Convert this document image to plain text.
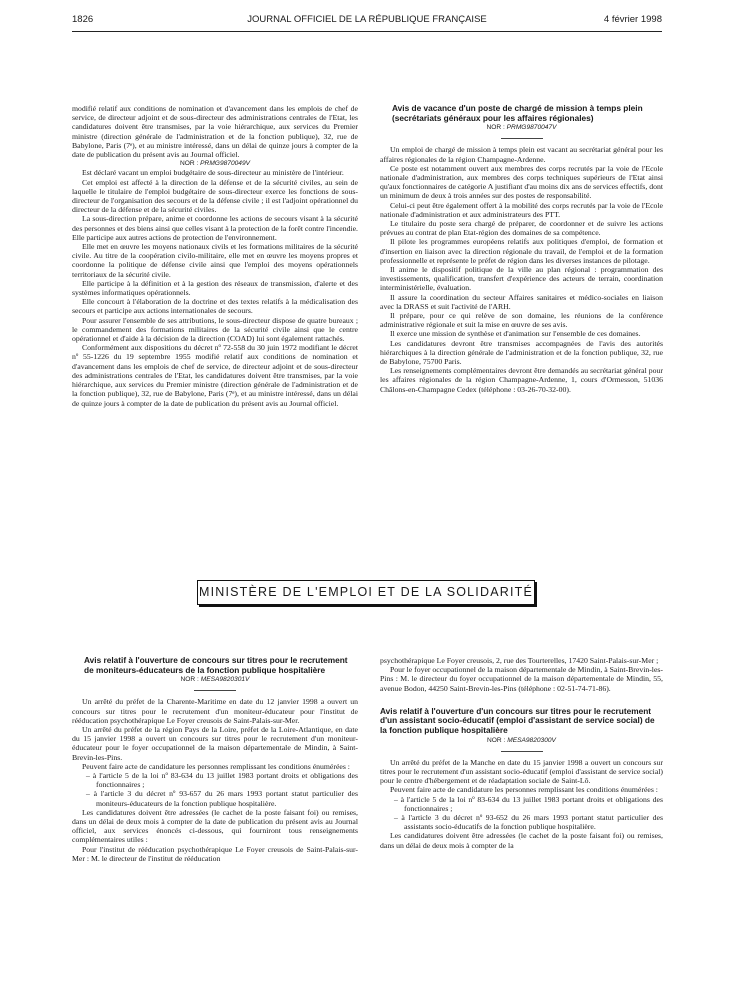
1826	JOURNAL OFFICIEL DE LA RÉPUBLIQUE FRANÇAISE	4 février 1998

modifié relatif aux conditions de nomination et d'avancement dans les emplois de chef de service, de directeur adjoint et de sous-directeur des administrations centrales de l'Etat, les candidatures doivent être transmises, par la voie hiérarchique, aux services du Premier ministre (direction générale de l'administration et de la fonction publique), 32, rue de Babylone, Paris (7ᵉ), et au ministre intéressé, dans un délai de quinze jours à compter de la date de publication du présent avis au Journal officiel.

NOR : PRMG9870049V

Est déclaré vacant un emploi budgétaire de sous-directeur au ministère de l'intérieur.

Cet emploi est affecté à la direction de la défense et de la sécurité civiles, au sein de laquelle le titulaire de l'emploi budgétaire de sous-directeur exerce les fonctions de sous-directeur de l'organisation des secours et de la défense civile ; il est l'adjoint opérationnel du directeur de la défense et de la sécurité civiles.

La sous-direction prépare, anime et coordonne les actions de secours visant à la sécurité des personnes et des biens ainsi que celles visant à la protection de la forêt contre l'incendie. Elle participe aux autres actions de protection de l'environnement.

Elle met en œuvre les moyens nationaux civils et les formations militaires de la sécurité civile. Au titre de la coopération civilo-militaire, elle met en œuvre les moyens propres et coordonne la politique de défense civile ainsi que l'emploi des moyens opérationnels territoriaux de la sécurité civile.

Elle participe à la définition et à la gestion des réseaux de transmission, d'alerte et des systèmes informatiques opérationnels.

Elle concourt à l'élaboration de la doctrine et des textes relatifs à la médicalisation des secours et participe aux actions internationales de secours.

Pour assurer l'ensemble de ses attributions, le sous-directeur dispose de quatre bureaux ; le commandement des formations militaires de la sécurité civile ainsi que le centre opérationnel et d'aide à la décision de la direction (COAD) lui sont également rattachés.

Conformément aux dispositions du décret nº 72-558 du 30 juin 1972 modifiant le décret nº 55-1226 du 19 septembre 1955 modifié relatif aux conditions de nomination et d'avancement dans les emplois de chef de service, de directeur adjoint et de sous-directeur des administrations centrales de l'Etat, les candidatures doivent être transmises, par la voie hiérarchique, aux services du Premier ministre (direction générale de l'administration et de la fonction publique), 32, rue de Babylone, Paris (7ᵉ), et au ministre intéressé, dans un délai de quinze jours à compter de la date de publication du présent avis au Journal officiel.

Avis de vacance d'un poste de chargé de mission à temps plein (secrétariats généraux pour les affaires régionales)

NOR : PRMG9870047V

Un emploi de chargé de mission à temps plein est vacant au secrétariat général pour les affaires régionales de la région Champagne-Ardenne.

Ce poste est notamment ouvert aux membres des corps recrutés par la voie de l'Ecole nationale d'administration, aux membres des corps techniques supérieurs de l'Etat ainsi qu'aux fonctionnaires de catégorie A justifiant d'au moins dix ans de services effectifs, dont un minimum de deux à trois années sur des postes de responsabilité.

Celui-ci peut être également offert à la mobilité des corps recrutés par la voie de l'Ecole nationale d'administration et aux administrateurs des PTT.

Le titulaire du poste sera chargé de préparer, de coordonner et de suivre les actions prévues au contrat de plan Etat-région des domaines de sa compétence.

Il pilote les programmes européens relatifs aux politiques d'emploi, de formation et d'insertion en liaison avec la direction régionale du travail, de l'emploi et de la formation professionnelle et représente le préfet de région dans les diverses instances de pilotage.

Il anime le dispositif politique de la ville au plan régional : programmation des investissements, qualification, transfert d'expérience des acteurs de terrain, coordination interministérielle, évaluation.

Il assure la coordination du secteur Affaires sanitaires et médico-sociales en liaison avec la DRASS et suit l'activité de l'ARH.

Il prépare, pour ce qui relève de son domaine, les réunions de la conférence administrative régionale et suit la mise en œuvre de ses avis.

Il exerce une mission de synthèse et d'animation sur l'ensemble de ces domaines.

Les candidatures devront être transmises accompagnées de l'avis des autorités hiérarchiques à la direction générale de l'administration et de la fonction publique, 32, rue de Babylone, 75700 Paris.

Les renseignements complémentaires devront être demandés au secrétariat général pour les affaires régionales de la région Champagne-Ardenne, 1, cours d'Ormesson, 51036 Châlons-en-Champagne Cedex (téléphone : 03-26-70-32-00).

MINISTÈRE DE L'EMPLOI ET DE LA SOLIDARITÉ

Avis relatif à l'ouverture de concours sur titres pour le recrutement de moniteurs-éducateurs de la fonction publique hospitalière

NOR : MESA9820301V

Un arrêté du préfet de la Charente-Maritime en date du 12 janvier 1998 a ouvert un concours sur titres pour le recrutement d'un moniteur-éducateur pour l'institut de rééducation psychothérapique Le Foyer creusois de Saint-Palais-sur-Mer.

Un arrêté du préfet de la région Pays de la Loire, préfet de la Loire-Atlantique, en date du 15 janvier 1998 a ouvert un concours sur titres pour le recrutement d'un moniteur-éducateur pour le foyer occupationnel de la maison départementale de Mindin, à Saint-Brevin-les-Pins.

Peuvent faire acte de candidature les personnes remplissant les conditions énumérées :

– à l'article 5 de la loi nº 83-634 du 13 juillet 1983 portant droits et obligations des fonctionnaires ;

– à l'article 3 du décret nº 93-657 du 26 mars 1993 portant statut particulier des moniteurs-éducateurs de la fonction publique hospitalière.

Les candidatures doivent être adressées (le cachet de la poste faisant foi) ou remises, dans un délai de deux mois à compter de la date de publication du présent avis au Journal officiel, aux services énoncés ci-dessous, qui fourniront tous renseignements complémentaires utiles :

Pour l'institut de rééducation psychothérapique Le Foyer creusois de Saint-Palais-sur-Mer : M. le directeur de l'institut de rééducation

psychothérapique Le Foyer creusois, 2, rue des Tourterelles, 17420 Saint-Palais-sur-Mer ;

Pour le foyer occupationnel de la maison départementale de Mindin, à Saint-Brevin-les-Pins : M. le directeur du foyer occupationnel de la maison départementale de Mindin, 55, avenue Bodon, 44250 Saint-Brevin-les-Pins (téléphone : 02-51-74-71-86).

Avis relatif à l'ouverture d'un concours sur titres pour le recrutement d'un assistant socio-éducatif (emploi d'assistant de service social) de la fonction publique hospitalière

NOR : MESA9820300V

Un arrêté du préfet de la Manche en date du 15 janvier 1998 a ouvert un concours sur titres pour le recrutement d'un assistant socio-éducatif (emploi d'assistant de service social) pour le centre d'hébergement et de réadaptation sociale de Saint-Lô.

Peuvent faire acte de candidature les personnes remplissant les conditions énumérées :

– à l'article 5 de la loi nº 83-634 du 13 juillet 1983 portant droits et obligations des fonctionnaires ;

– à l'article 3 du décret nº 93-652 du 26 mars 1993 portant statut particulier des assistants socio-éducatifs de la fonction publique hospitalière.

Les candidatures doivent être adressées (le cachet de la poste faisant foi) ou remises, dans un délai de deux mois à compter de la
